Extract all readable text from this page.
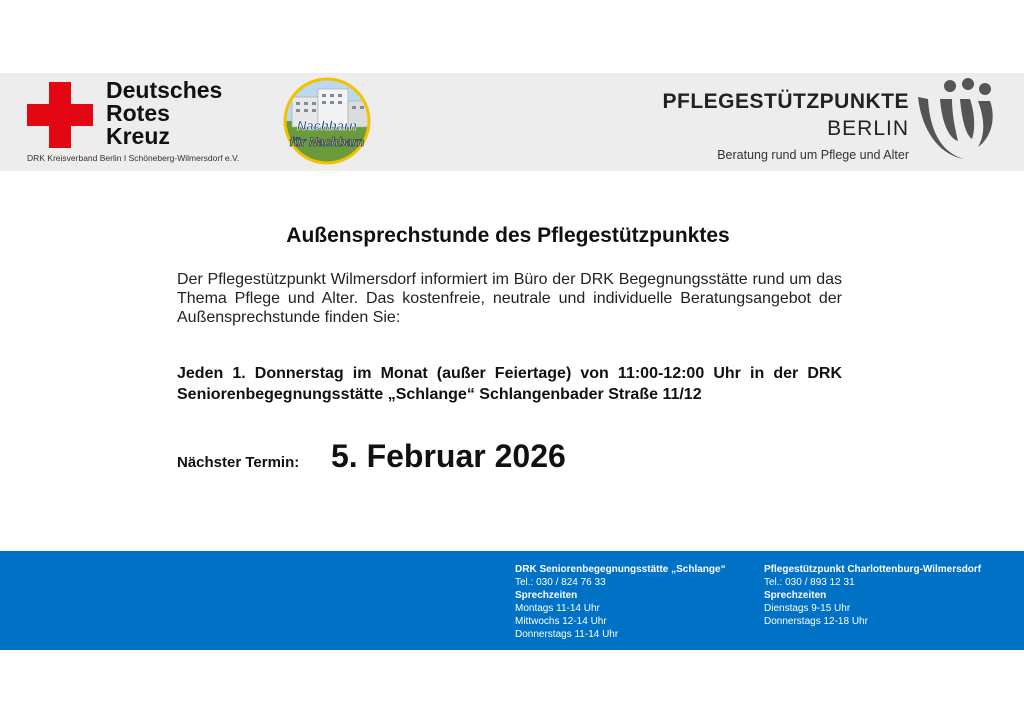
Deutsches
Rotes
Kreuz
DRK Kreisverband Berlin I Schöneberg-Wilmersdorf e.V.
Nachbarn
für Nachbarn
PFLEGESTÜTZPUNKTE
BERLIN
Beratung rund um Pflege und Alter
Außensprechstunde des Pflegestützpunktes
Der Pflegestützpunkt Wilmersdorf informiert im Büro der DRK Begegnungsstätte rund um das Thema Pflege und Alter. Das kostenfreie, neutrale und individuelle Beratungsangebot der Außensprechstunde finden Sie:
Jeden 1. Donnerstag im Monat (außer Feiertage) von 11:00-12:00 Uhr in der DRK Seniorenbegegnungsstätte „Schlange“ Schlangenbader Straße 11/12
Nächster Termin: 5. Februar 2026
DRK Seniorenbegegnungsstätte „Schlange“
Tel.: 030 / 824 76 33
Sprechzeiten
Montags 11-14 Uhr
Mittwochs 12-14 Uhr
Donnerstags 11-14 Uhr
Pflegestützpunkt Charlottenburg-Wilmersdorf
Tel.: 030 / 893 12 31
Sprechzeiten
Dienstags 9-15 Uhr
Donnerstags 12-18 Uhr
